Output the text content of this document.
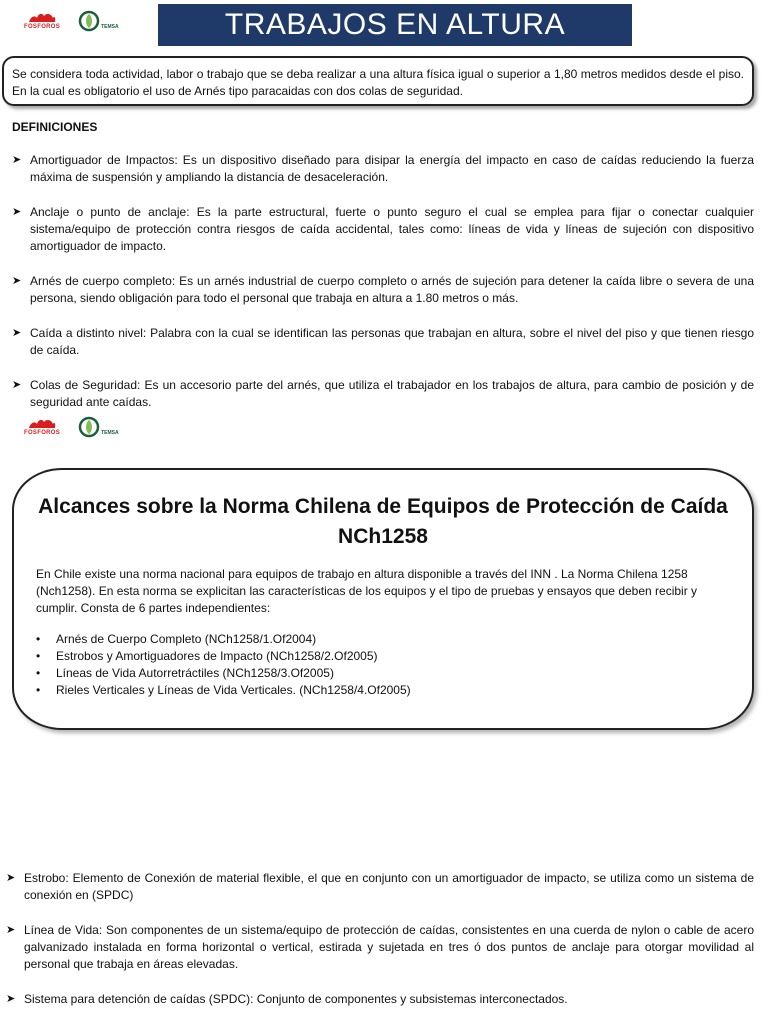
FOSFOROS	TEMSA	TRABAJOS EN ALTURA
Se considera toda actividad, labor o trabajo que se deba realizar a una altura física igual o superior a 1,80 metros medidos desde el piso. En la cual es obligatorio el uso de Arnés tipo paracaidas con dos colas de seguridad.
DEFINICIONES
➤ Amortiguador de Impactos: Es un dispositivo diseñado para disipar la energía del impacto en caso de caídas reduciendo la fuerza máxima de suspensión y ampliando la distancia de desaceleración.
➤ Anclaje o punto de anclaje: Es la parte estructural, fuerte o punto seguro el cual se emplea para fijar o conectar cualquier sistema/equipo de protección contra riesgos de caída accidental, tales como: líneas de vida y líneas de sujeción con dispositivo amortiguador de impacto.
➤ Arnés de cuerpo completo: Es un arnés industrial de cuerpo completo o arnés de sujeción para detener la caída libre o severa de una persona, siendo obligación para todo el personal que trabaja en altura a 1.80 metros o más.
➤ Caída a distinto nivel: Palabra con la cual se identifican las personas que trabajan en altura, sobre el nivel del piso y que tienen riesgo de caída.
➤ Colas de Seguridad: Es un accesorio parte del arnés, que utiliza el trabajador en los trabajos de altura, para cambio de posición y de seguridad ante caídas.
FOSFOROS	TEMSA
Alcances sobre la Norma Chilena de Equipos de Protección de Caída NCh1258

En Chile existe una norma nacional para equipos de trabajo en altura disponible a través del INN . La Norma Chilena 1258 (Nch1258). En esta norma se explicitan las características de los equipos y el tipo de pruebas y ensayos que deben recibir y cumplir. Consta de 6 partes independientes:

• Arnés de Cuerpo Completo (NCh1258/1.Of2004)
• Estrobos y Amortiguadores de Impacto (NCh1258/2.Of2005)
• Líneas de Vida Autorretráctiles (NCh1258/3.Of2005)
• Rieles Verticales y Líneas de Vida Verticales. (NCh1258/4.Of2005)
➤ Estrobo: Elemento de Conexión de material flexible, el que en conjunto con un amortiguador de impacto, se utiliza como un sistema de conexión en (SPDC)
➤ Línea de Vida: Son componentes de un sistema/equipo de protección de caídas, consistentes en una cuerda de nylon o cable de acero galvanizado instalada en forma horizontal o vertical, estirada y sujetada en tres ó dos puntos de anclaje para otorgar movilidad al personal que trabaja en áreas elevadas.
➤ Sistema para detención de caídas (SPDC): Conjunto de componentes y subsistemas interconectados.
